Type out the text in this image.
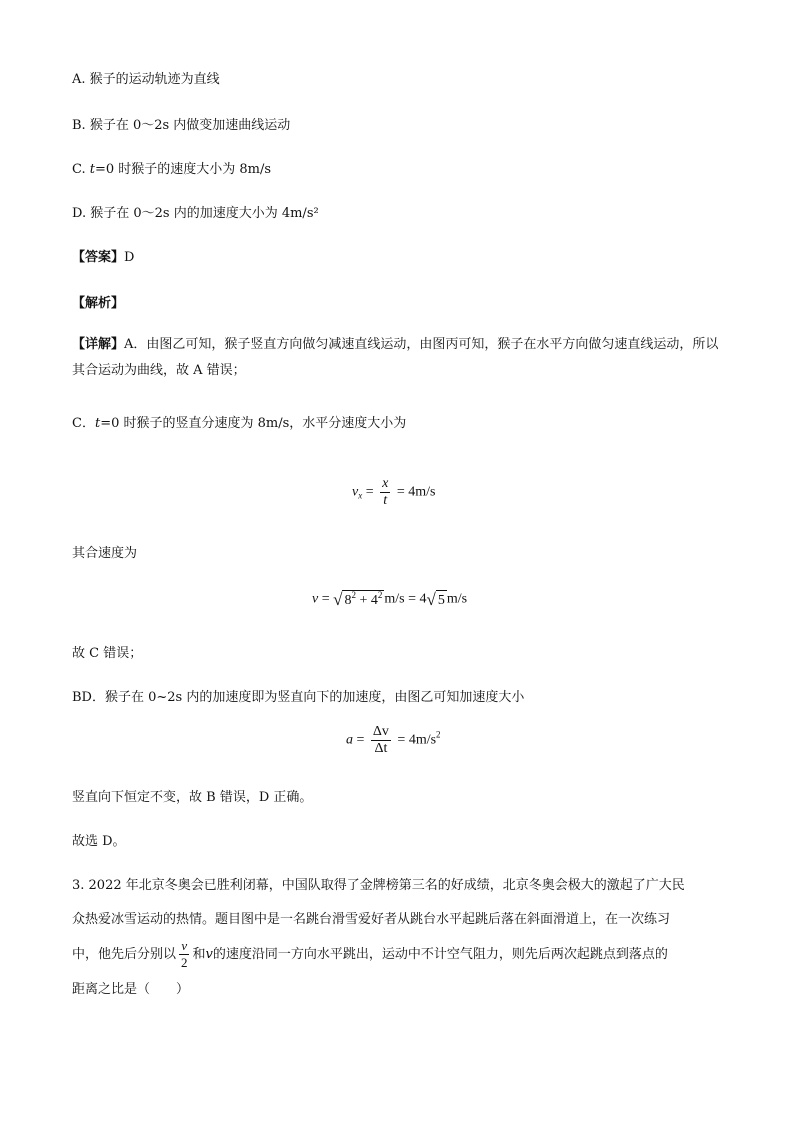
A. 猴子的运动轨迹为直线
B. 猴子在 0～2s 内做变加速曲线运动
C. t=0 时猴子的速度大小为 8m/s
D. 猴子在 0～2s 内的加速度大小为 4m/s²
【答案】D
【解析】
【详解】A．由图乙可知，猴子竖直方向做匀减速直线运动，由图丙可知，猴子在水平方向做匀速直线运动，所以其合运动为曲线，故 A 错误；
C．t=0 时猴子的竖直分速度为 8m/s，水平分速度大小为
$v_x = \frac{x}{t} = 4m/s$
其合速度为
v = √ $8^2 + 4^2$ m/s = 4 √ 5 m/s
故 C 错误；
BD．猴子在 0~2s 内的加速度即为竖直向下的加速度，由图乙可知加速度大小
$a = \frac{\Delta v}{\Delta t} = 4m/s^2$
竖直向下恒定不变，故 B 错误，D 正确。
故选 D。
3. 2022 年北京冬奥会已胜利闭幕，中国队取得了金牌榜第三名的好成绩，北京冬奥会极大的激起了广大民
众热爱冰雪运动的热情。题目图中是一名跳台滑雪爱好者从跳台水平起跳后落在斜面滑道上，在一次练习
中，他先后分别以 $\frac{v}{2}$ 和v的速度沿同一方向水平跳出，运动中不计空气阻力，则先后两次起跳点到落点的
距离之比是（　　）
